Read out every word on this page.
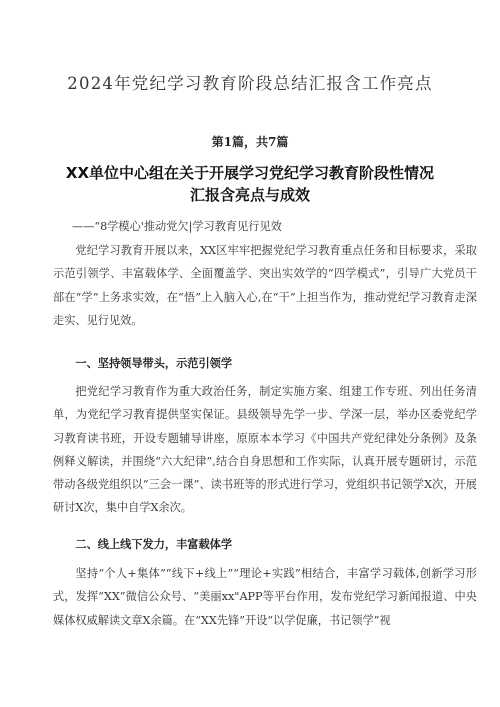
2024年党纪学习教育阶段总结汇报含工作亮点
第1篇，共7篇
XX单位中心组在关于开展学习党纪学习教育阶段性情况汇报含亮点与成效
——“8学模心'推动党欠|学习教育见行见效

党纪学习教育开展以来，XX区牢牢把握党纪学习教育重点任务和目标要求，采取示范引领学、丰富载体学、全面覆盖学、突出实效学的“四学模式”，引导广大党员干部在“学”上务求实效，在“悟”上入脑入心,在“干”上担当作为，推动党纪学习教育走深走实、见行见效。

一、坚持领导带头，示范引领学

把党纪学习教育作为重大政治任务，制定实施方案、组建工作专班、列出任务清单，为党纪学习教育提供坚实保证。县级领导先学一步、学深一层，举办区委党纪学习教育读书班，开设专题辅导讲座，原原本本学习《中国共产党纪律处分条例》及条例释义解读，并围绕“六大纪律”,结合自身思想和工作实际，认真开展专题研讨，示范带动各级党组织以“三会一课”、读书班等的形式进行学习，党组织书记领学X次，开展研讨X次，集中自学X余次。

二、线上线下发力，丰富载体学

坚持“个人+集体”“线下+线上”“理论+实践”相结合，丰富学习载体,创新学习形式，发挥“XX”微信公众号、“美丽xx"APP等平台作用，发布党纪学习新闻报道、中央媒体权威解读文章X余篇。在“XX先锋”开设“以学促廉，书记领学”视
